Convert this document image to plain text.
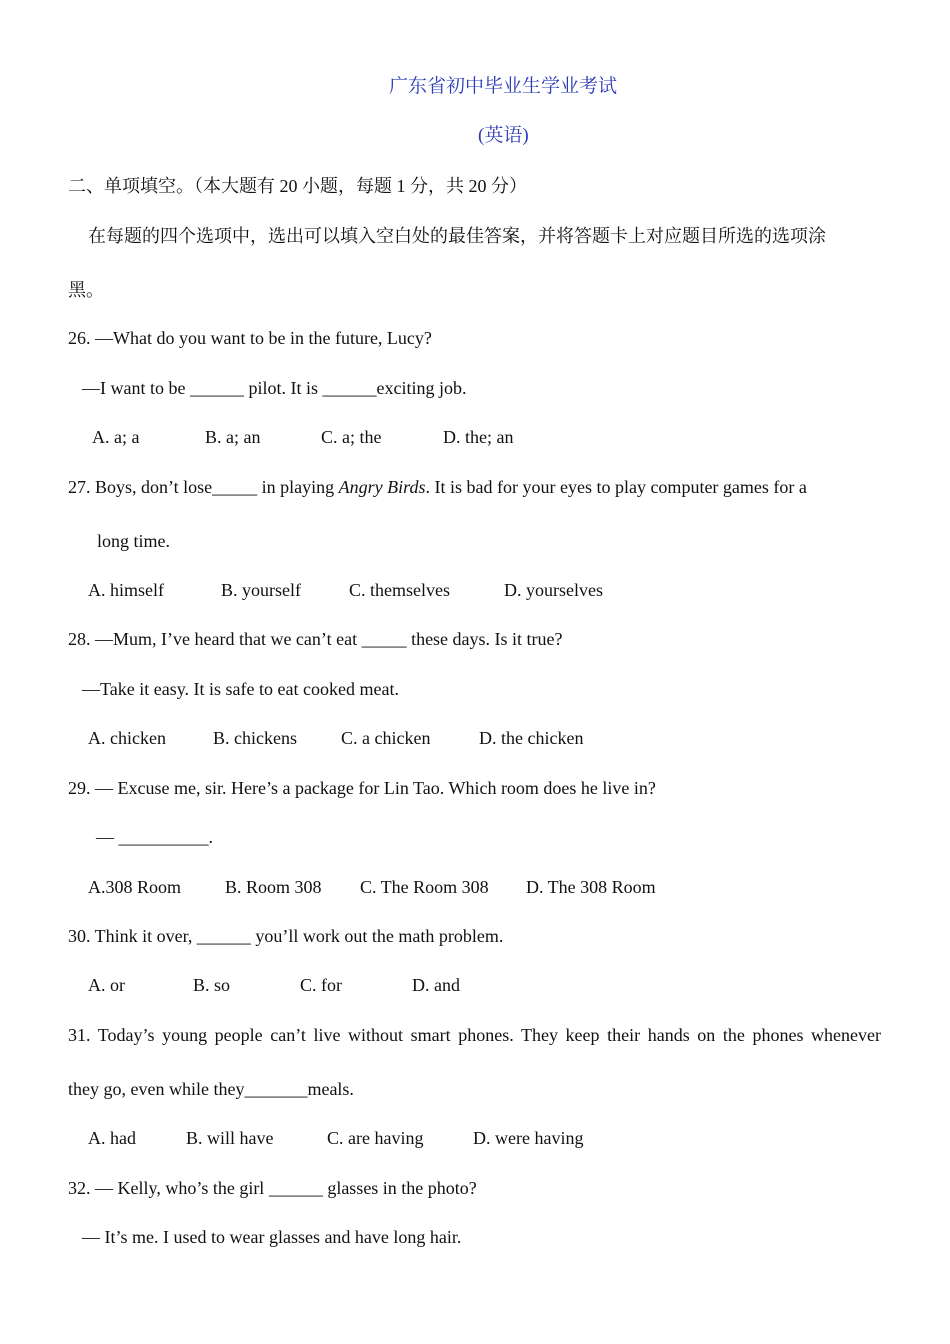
广东省初中毕业生学业考试
(英语)
二、单项填空。（本大题有 20 小题，每题 1 分，共 20 分）
在每题的四个选项中，选出可以填入空白处的最佳答案，并将答题卡上对应题目所选的选项涂
黑。
26. —What do you want to be in the future, Lucy?
—I want to be ______ pilot. It is ______exciting job.
A. a; a	B. a; an	C. a; the	D. the; an
27. Boys, don’t lose_____ in playing Angry Birds. It is bad for your eyes to play computer games for a
long time.
A. himself	B. yourself	C. themselves	D. yourselves
28. —Mum, I’ve heard that we can’t eat _____ these days. Is it true?
—Take it easy. It is safe to eat cooked meat.
A. chicken	B. chickens C. a chicken	D. the chicken
29. — Excuse me, sir. Here’s a package for Lin Tao. Which room does he live in?
— __________.
A.308 Room B. Room 308 C. The Room 308 D. The 308 Room
30. Think it over, ______ you’ll work out the math problem.
A. or	B. so	C. for	D. and
31. Today’s young people can’t live without smart phones. They keep their hands on the phones whenever
they go, even while they_______meals.
A. had	B. will have	C. are having	D. were having
32. — Kelly, who’s the girl ______ glasses in the photo?
— It’s me. I used to wear glasses and have long hair.
